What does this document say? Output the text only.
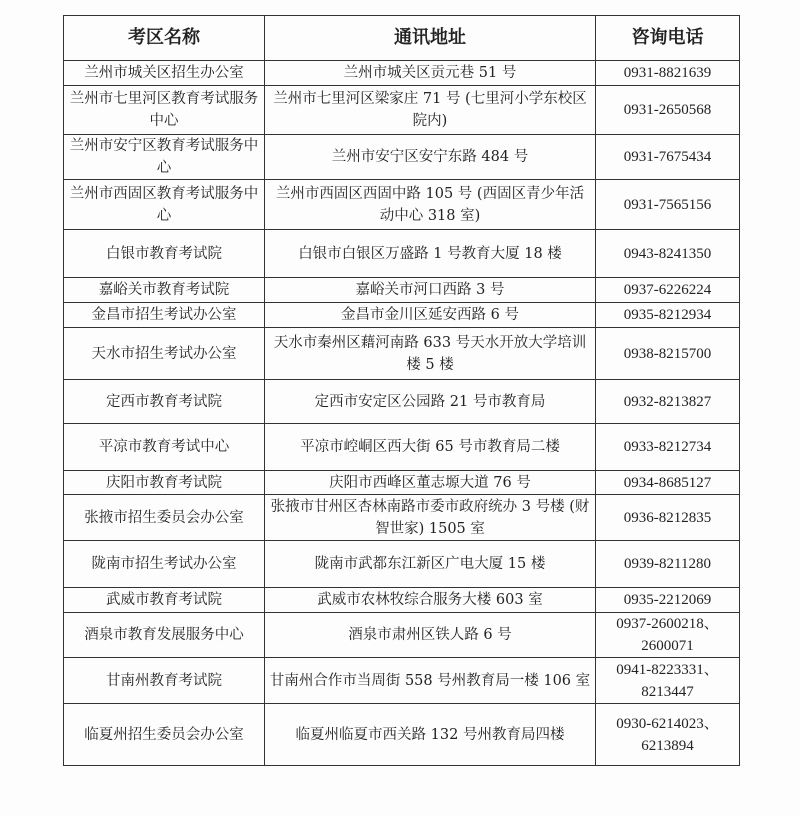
考区名称	通讯地址	咨询电话
兰州市城关区招生办公室	兰州市城关区贡元巷 51 号	0931-8821639
兰州市七里河区教育考试服务中心	兰州市七里河区梁家庄 71 号 (七里河小学东校区院内)	0931-2650568
兰州市安宁区教育考试服务中心	兰州市安宁区安宁东路 484 号	0931-7675434
兰州市西固区教育考试服务中心	兰州市西固区西固中路 105 号 (西固区青少年活动中心 318 室)	0931-7565156
白银市教育考试院	白银市白银区万盛路 1 号教育大厦 18 楼	0943-8241350
嘉峪关市教育考试院	嘉峪关市河口西路 3 号	0937-6226224
金昌市招生考试办公室	金昌市金川区延安西路 6 号	0935-8212934
天水市招生考试办公室	天水市秦州区藉河南路 633 号天水开放大学培训楼 5 楼	0938-8215700
定西市教育考试院	定西市安定区公园路 21 号市教育局	0932-8213827
平凉市教育考试中心	平凉市崆峒区西大街 65 号市教育局二楼	0933-8212734
庆阳市教育考试院	庆阳市西峰区董志塬大道 76 号	0934-8685127
张掖市招生委员会办公室	张掖市甘州区杏林南路市委市政府统办 3 号楼 (财智世家) 1505 室	0936-8212835
陇南市招生考试办公室	陇南市武都东江新区广电大厦 15 楼	0939-8211280
武威市教育考试院	武威市农林牧综合服务大楼 603 室	0935-2212069
酒泉市教育发展服务中心	酒泉市肃州区铁人路 6 号	0937-2600218、2600071
甘南州教育考试院	甘南州合作市当周街 558 号州教育局一楼 106 室	0941-8223331、8213447
临夏州招生委员会办公室	临夏州临夏市西关路 132 号州教育局四楼	0930-6214023、6213894
